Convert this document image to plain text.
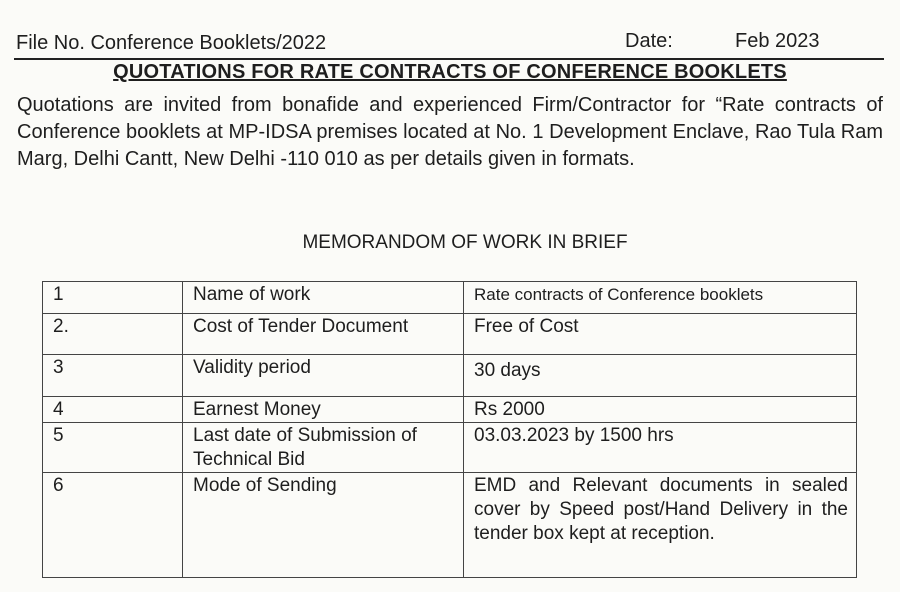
File No. Conference Booklets/2022	Date:	Feb 2023
QUOTATIONS FOR RATE CONTRACTS OF CONFERENCE BOOKLETS
Quotations are invited from bonafide and experienced Firm/Contractor for “Rate contracts of Conference booklets at MP-IDSA premises located at No. 1 Development Enclave, Rao Tula Ram Marg, Delhi Cantt, New Delhi -110 010 as per details given in formats.
MEMORANDOM OF WORK IN BRIEF
1	Name of work	Rate contracts of Conference booklets
2.	Cost of Tender Document	Free of Cost
3	Validity period	30 days
4	Earnest Money	Rs 2000
5	Last date of Submission of Technical Bid	03.03.2023 by 1500 hrs
6	Mode of Sending	EMD and Relevant documents in sealed cover by Speed post/Hand Delivery in the tender box kept at reception.
